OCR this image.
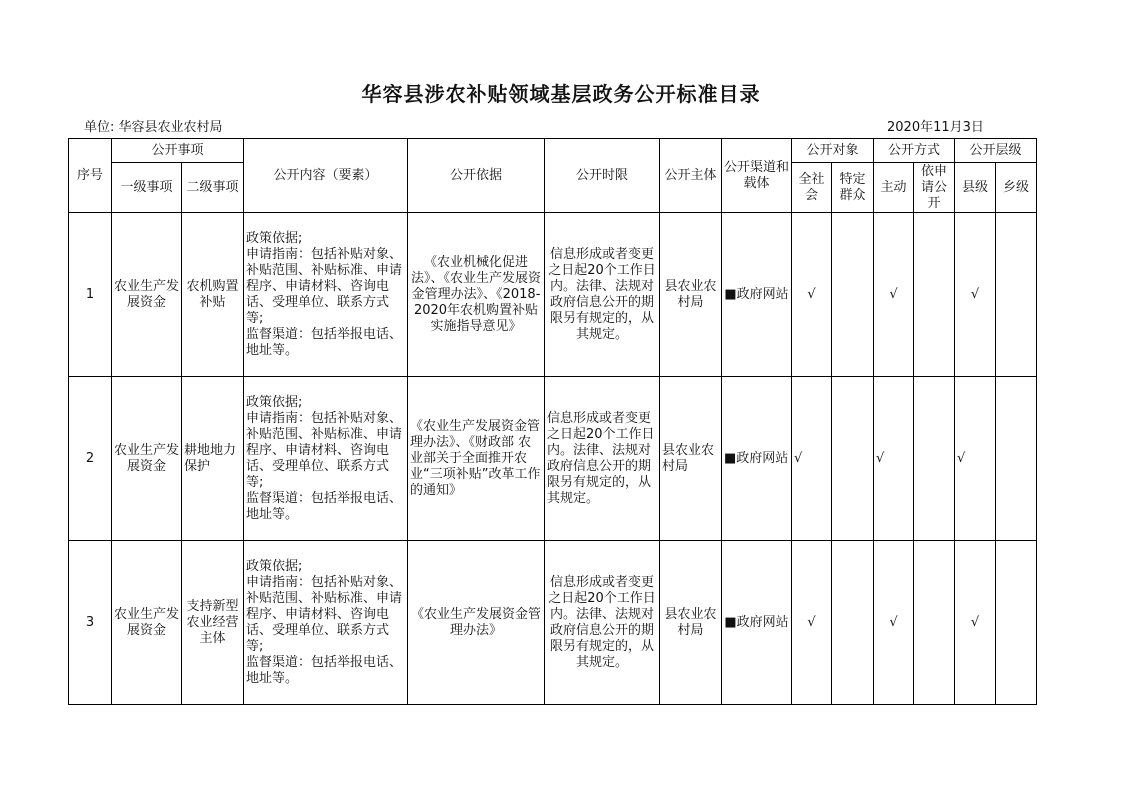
华容县涉农补贴领域基层政务公开标准目录
单位: 华容县农业农村局	2020年11月3日
序号	公开事项		公开内容（要素）	公开依据	公开时限	公开主体	公开渠道和载体	公开对象		公开方式		公开层级	
	一级事项	二级事项						全社会	特定群众	主动	依申请公开	县级	乡级
1	农业生产发展资金	农机购置补贴	政策依据;
申请指南：包括补贴对象、补贴范围、补贴标准、申请程序、申请材料、咨询电话、受理单位、联系方式等;
监督渠道：包括举报电话、地址等。	《农业机械化促进法》、《农业生产发展资金管理办法》、《2018-2020年农机购置补贴实施指导意见》	信息形成或者变更之日起20个工作日内。法律、法规对政府信息公开的期限另有规定的，从其规定。	县农业农村局	■政府网站	√		√		√	
2	农业生产发展资金	耕地地力保护	政策依据;
申请指南：包括补贴对象、补贴范围、补贴标准、申请程序、申请材料、咨询电话、受理单位、联系方式等;
监督渠道：包括举报电话、地址等。	《农业生产发展资金管理办法》、《财政部 农业部关于全面推开农业“三项补贴”改革工作的通知》	信息形成或者变更之日起20个工作日内。法律、法规对政府信息公开的期限另有规定的，从其规定。	县农业农村局	■政府网站	√		√		√	
3	农业生产发展资金	支持新型农业经营主体	政策依据;
申请指南：包括补贴对象、补贴范围、补贴标准、申请程序、申请材料、咨询电话、受理单位、联系方式等;
监督渠道：包括举报电话、地址等。	《农业生产发展资金管理办法》	信息形成或者变更之日起20个工作日内。法律、法规对政府信息公开的期限另有规定的，从其规定。	县农业农村局	■政府网站	√		√		√	
